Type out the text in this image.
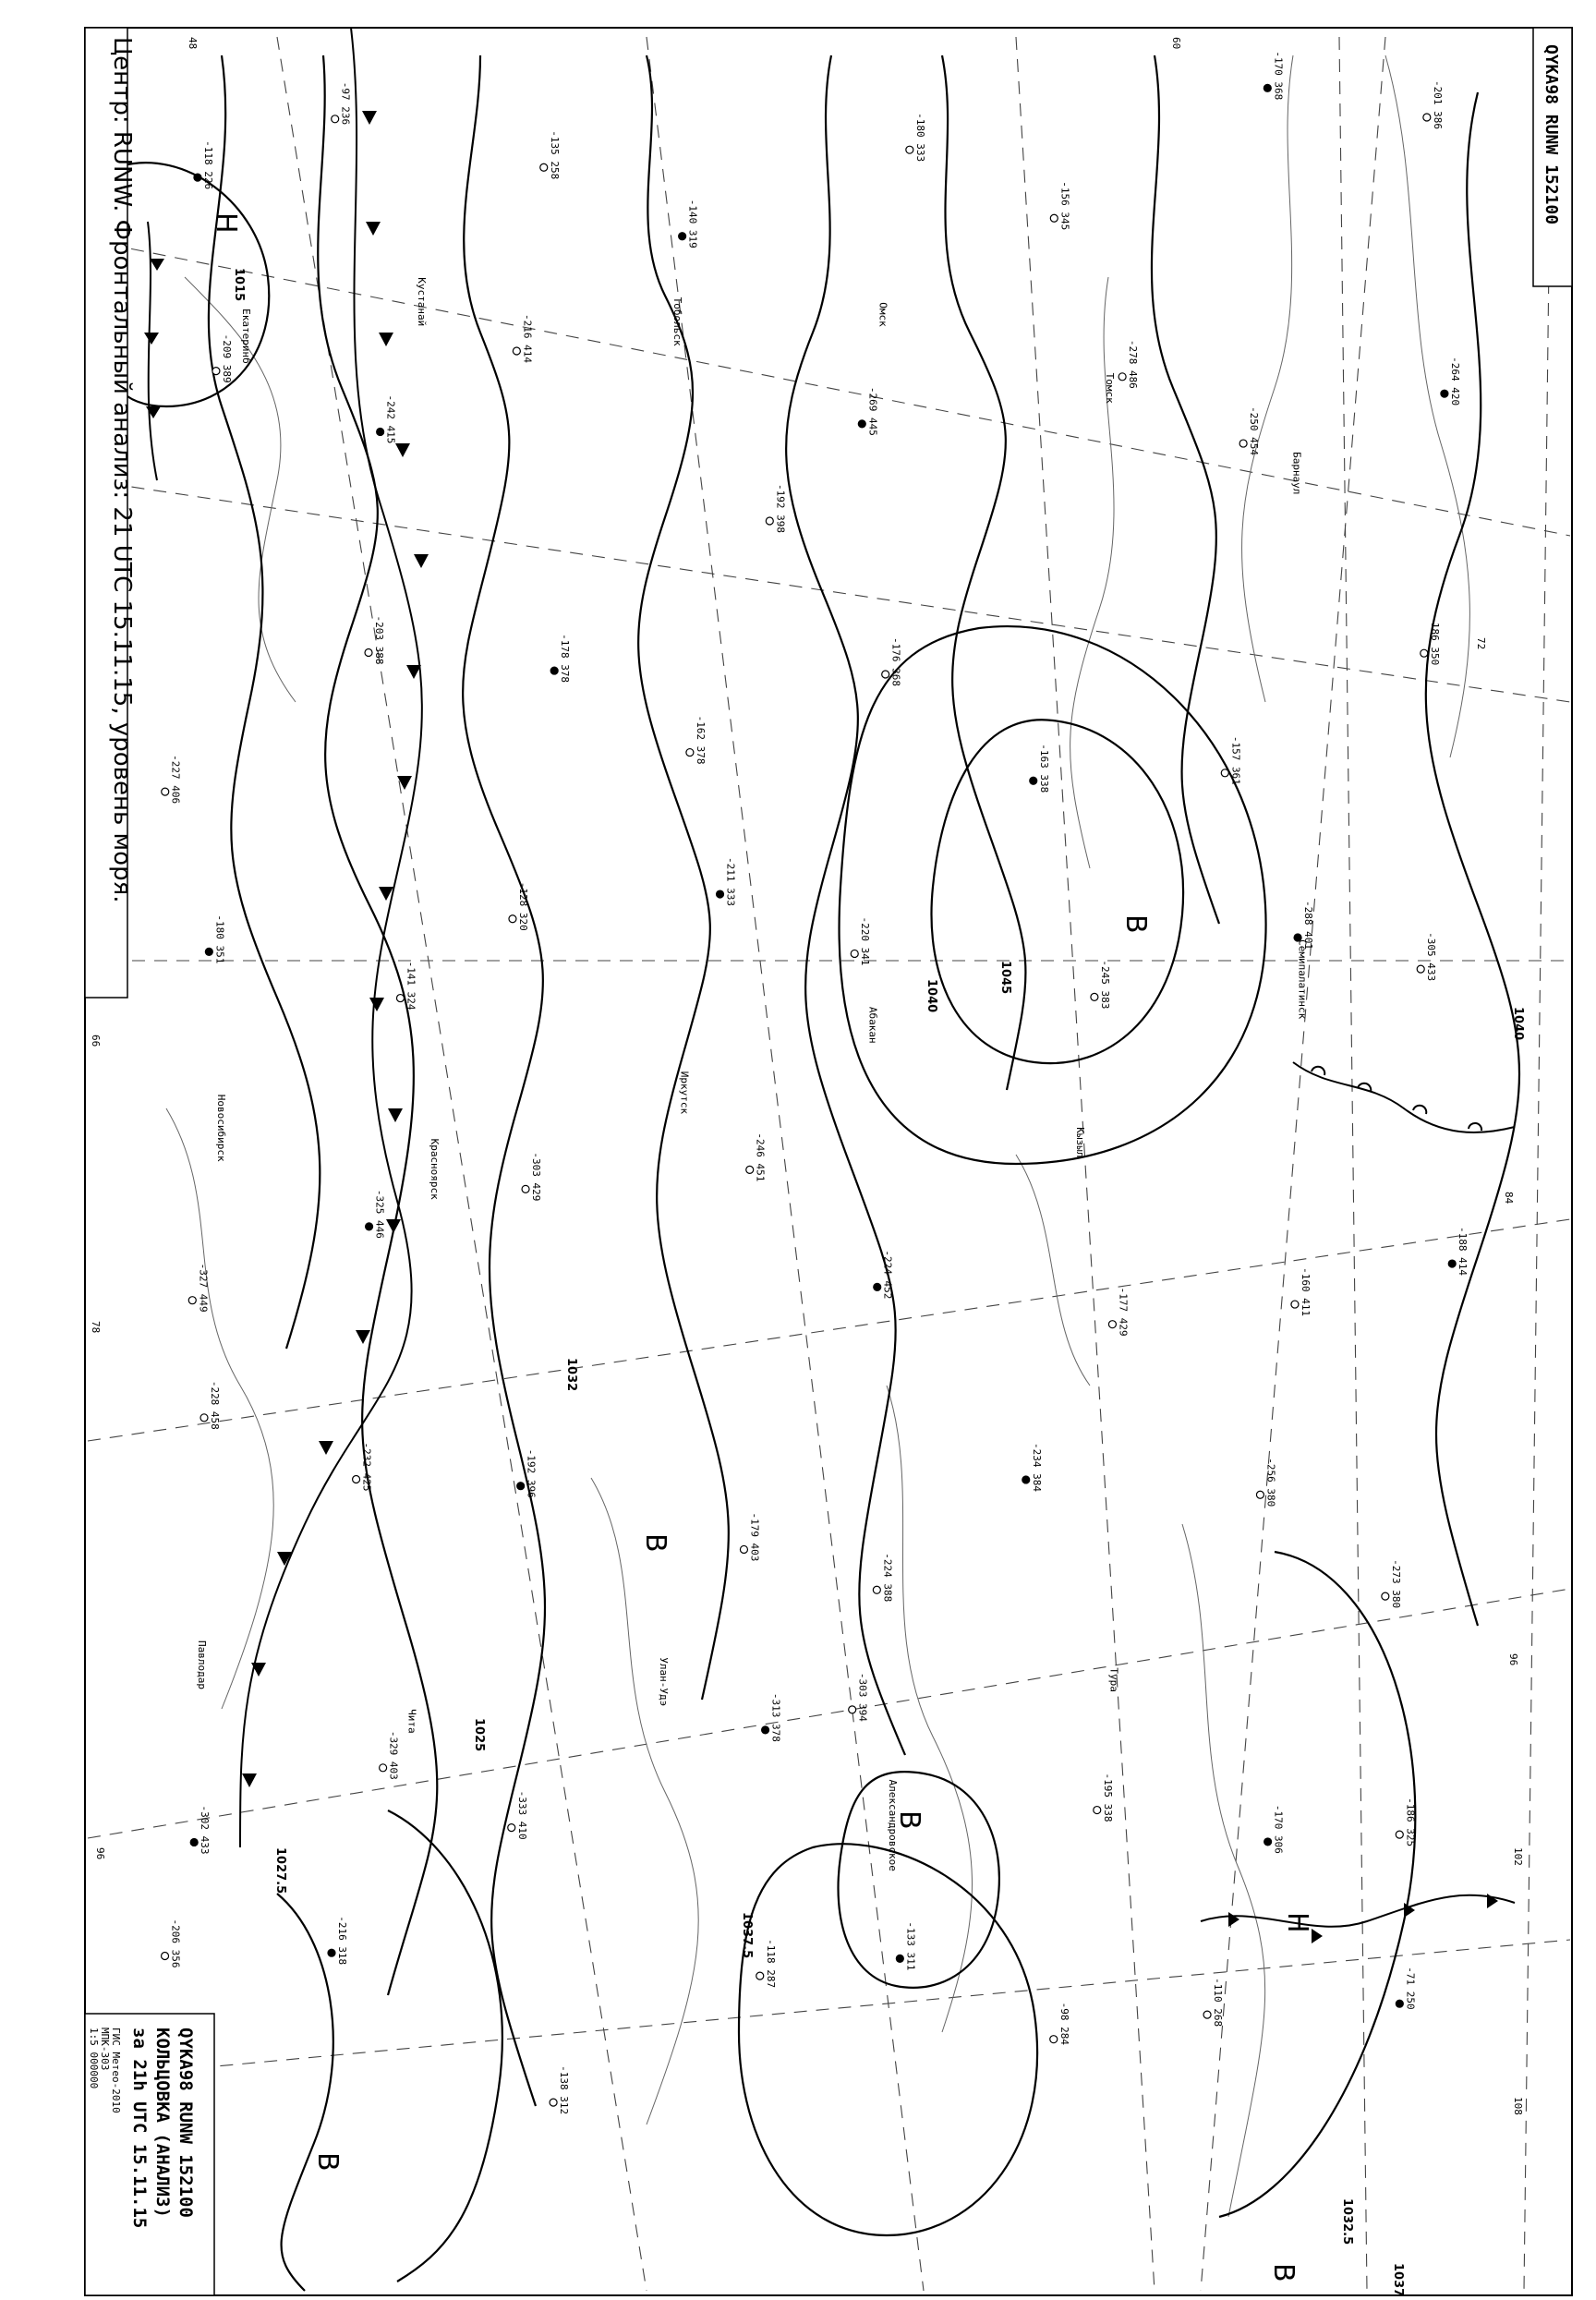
-118 226
-97 236
-135 258
-140 319
-180 333
-156 345
-170 368
-201 386
-209 389
-242 415
-216 414
-192 398
-269 445
-278 486
-250 454
-264 420
-227 406
-203 388	-178 378
-162 378
-176 368
-163 338	-157 361
-186 350
-180 351
-141 324
-128 320
-211 333
-220 341
-245 383
-288 401
-305 433
-327 449
-325 446
-303 429	-246 451
-224 452
-177 429	-160 411
-188 414
-228 458
-232 425	-192 396
-179 403
-224 388
-234 384	-256 380
-273 380
-302 433
-329 403
-333 410
-313 378	-303 394
-195 338
-170 306	-186 325
-206 356	-216 318
-138 312
-118 287	-133 311
-98 284	-110 268	-71 250
1015
1040
1045
1032
1025
1037.5
1032.5
1037
1027.5
1040
48	60
72
84
96
102
108
96
66
78
Екатеринб
Кустанай	Тобольск	Омск
Томск
Барнаул
Новосибирск
Красноярск
Иркутск
Абакан
Кызыл
Семипалатинск
Павлодар
Чита
Улан-Удэ
Александровское
Тура
Н
В
В
Н
В
В
В
Центр: RUNW. Фронтальный анализ: 21 UTC 15.11.15, уровень моря.	QYKA98 RUNW 152100
QYKA98 RUNW 152100
КОЛЬЦОВКА (АНАЛИЗ)
за 21h UTC 15.11.15
ГИС Метео-2010
МПК-303
1:5 000000
